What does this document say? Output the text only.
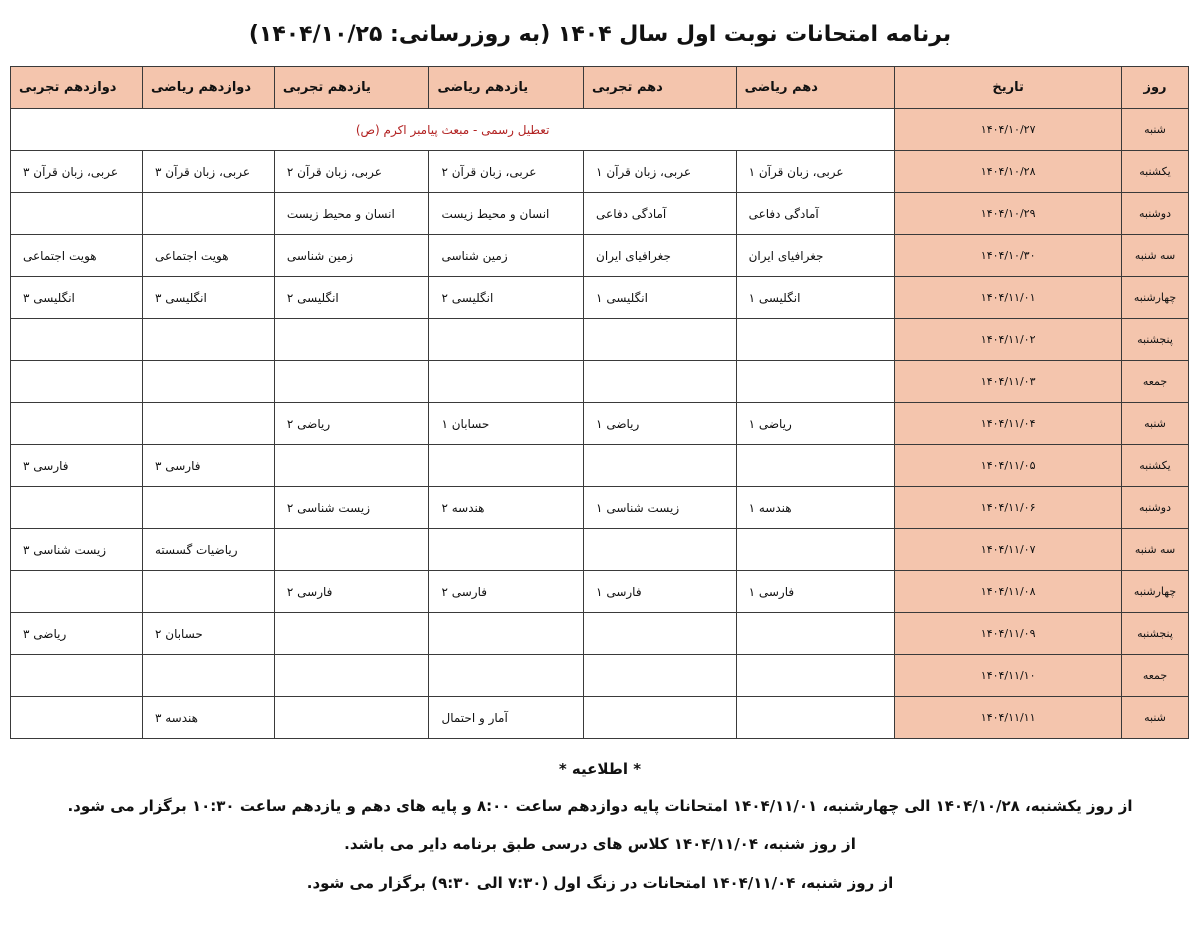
برنامه امتحانات نوبت اول سال ۱۴۰۴ (به روزرسانی: ۱۴۰۴/۱۰/۲۵)
روز	تاریخ	دهم ریاضی	دهم تجربی	یازدهم ریاضی	یازدهم تجربی	دوازدهم ریاضی	دوازدهم تجربی
شنبه	۱۴۰۴/۱۰/۲۷	تعطیل رسمی - مبعث پیامبر اکرم (ص)					
یکشنبه	۱۴۰۴/۱۰/۲۸	عربی، زبان قرآن ۱	عربی، زبان قرآن ۱	عربی، زبان قرآن ۲	عربی، زبان قرآن ۲	عربی، زبان قرآن ۳	عربی، زبان قرآن ۳
دوشنبه	۱۴۰۴/۱۰/۲۹	آمادگی دفاعی	آمادگی دفاعی	انسان و محیط زیست	انسان و محیط زیست		
سه شنبه	۱۴۰۴/۱۰/۳۰	جغرافیای ایران	جغرافیای ایران	زمین شناسی	زمین شناسی	هویت اجتماعی	هویت اجتماعی
چهارشنبه	۱۴۰۴/۱۱/۰۱	انگلیسی ۱	انگلیسی ۱	انگلیسی ۲	انگلیسی ۲	انگلیسی ۳	انگلیسی ۳
پنجشنبه	۱۴۰۴/۱۱/۰۲						
جمعه	۱۴۰۴/۱۱/۰۳						
شنبه	۱۴۰۴/۱۱/۰۴	ریاضی ۱	ریاضی ۱	حسابان ۱	ریاضی ۲		
یکشنبه	۱۴۰۴/۱۱/۰۵					فارسی ۳	فارسی ۳
دوشنبه	۱۴۰۴/۱۱/۰۶	هندسه ۱	زیست شناسی ۱	هندسه ۲	زیست شناسی ۲		
سه شنبه	۱۴۰۴/۱۱/۰۷					ریاضیات گسسته	زیست شناسی ۳
چهارشنبه	۱۴۰۴/۱۱/۰۸	فارسی ۱	فارسی ۱	فارسی ۲	فارسی ۲		
پنجشنبه	۱۴۰۴/۱۱/۰۹					حسابان ۲	ریاضی ۳
جمعه	۱۴۰۴/۱۱/۱۰						
شنبه	۱۴۰۴/۱۱/۱۱			آمار و احتمال		هندسه ۳	
* اطلاعیه *
از روز یکشنبه، ۱۴۰۴/۱۰/۲۸ الی چهارشنبه، ۱۴۰۴/۱۱/۰۱ امتحانات پایه دوازدهم ساعت ۸:۰۰ و پایه های دهم و یازدهم ساعت ۱۰:۳۰ برگزار می شود.
از روز شنبه، ۱۴۰۴/۱۱/۰۴ کلاس های درسی طبق برنامه دایر می باشد.
از روز شنبه، ۱۴۰۴/۱۱/۰۴ امتحانات در زنگ اول (۷:۳۰ الی ۹:۳۰) برگزار می شود.
